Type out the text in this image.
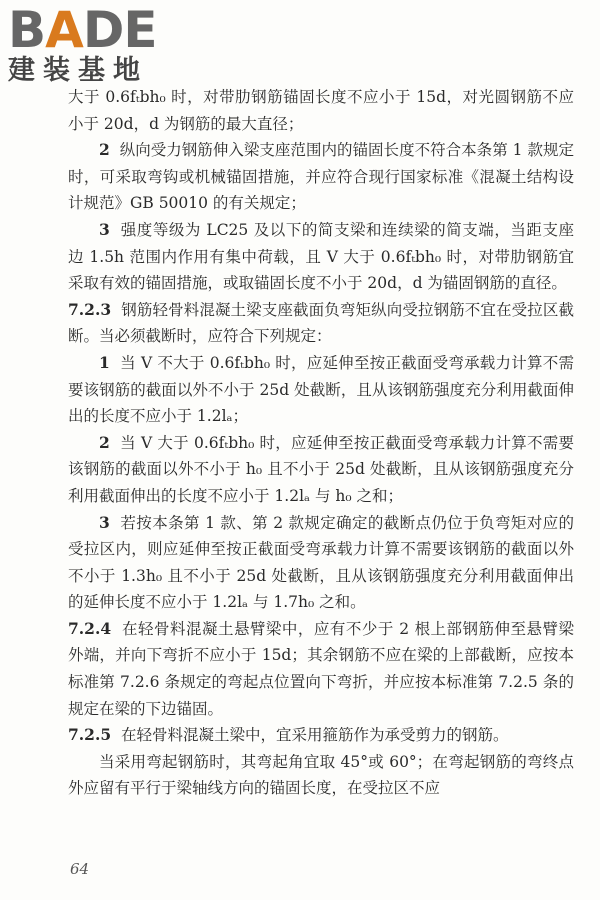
BADE
建装基地

大于 0.6fₜbh₀ 时，对带肋钢筋锚固长度不应小于 15d，对光圆钢筋不应小于 20d，d 为钢筋的最大直径；

2 纵向受力钢筋伸入梁支座范围内的锚固长度不符合本条第 1 款规定时，可采取弯钩或机械锚固措施，并应符合现行国家标准《混凝土结构设计规范》GB 50010 的有关规定；

3 强度等级为 LC25 及以下的简支梁和连续梁的简支端，当距支座边 1.5h 范围内作用有集中荷载，且 V 大于 0.6fₜbh₀ 时，对带肋钢筋宜采取有效的锚固措施，或取锚固长度不小于 20d，d 为锚固钢筋的直径。

7.2.3 钢筋轻骨料混凝土梁支座截面负弯矩纵向受拉钢筋不宜在受拉区截断。当必须截断时，应符合下列规定：

1 当 V 不大于 0.6fₜbh₀ 时，应延伸至按正截面受弯承载力计算不需要该钢筋的截面以外不小于 25d 处截断，且从该钢筋强度充分利用截面伸出的长度不应小于 1.2lₐ；

2 当 V 大于 0.6fₜbh₀ 时，应延伸至按正截面受弯承载力计算不需要该钢筋的截面以外不小于 h₀ 且不小于 25d 处截断，且从该钢筋强度充分利用截面伸出的长度不应小于 1.2lₐ 与 h₀ 之和；

3 若按本条第 1 款、第 2 款规定确定的截断点仍位于负弯矩对应的受拉区内，则应延伸至按正截面受弯承载力计算不需要该钢筋的截面以外不小于 1.3h₀ 且不小于 25d 处截断，且从该钢筋强度充分利用截面伸出的延伸长度不应小于 1.2lₐ 与 1.7h₀ 之和。

7.2.4 在轻骨料混凝土悬臂梁中，应有不少于 2 根上部钢筋伸至悬臂梁外端，并向下弯折不应小于 15d；其余钢筋不应在梁的上部截断，应按本标准第 7.2.6 条规定的弯起点位置向下弯折，并应按本标准第 7.2.5 条的规定在梁的下边锚固。

7.2.5 在轻骨料混凝土梁中，宜采用箍筋作为承受剪力的钢筋。

当采用弯起钢筋时，其弯起角宜取 45°或 60°；在弯起钢筋的弯终点外应留有平行于梁轴线方向的锚固长度，在受拉区不应

64
